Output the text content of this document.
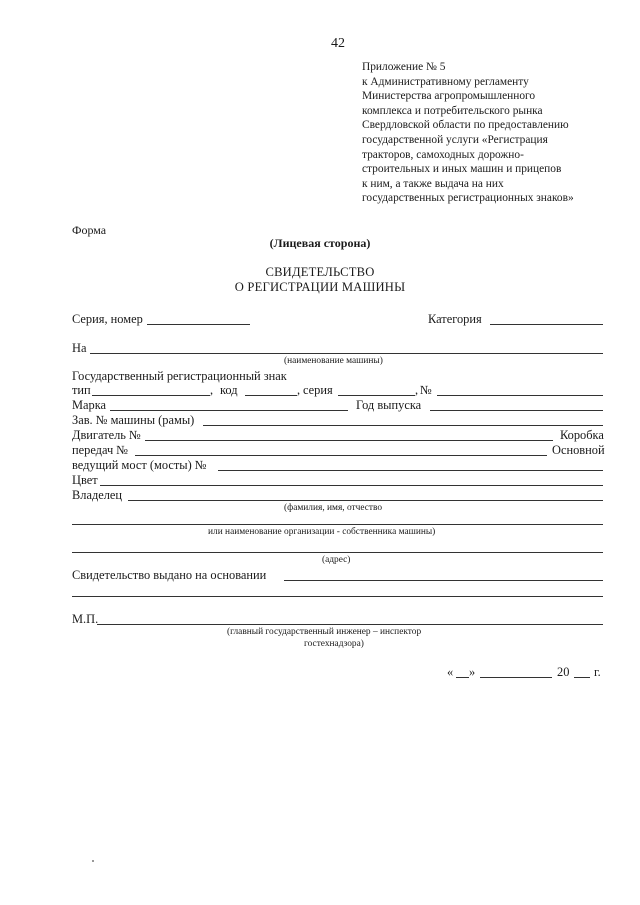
42
Приложение № 5
к Административному регламенту
Министерства агропромышленного
комплекса и потребительского рынка
Свердловской области по предоставлению
государственной услуги «Регистрация
тракторов, самоходных дорожно-
строительных и иных машин и прицепов
к ним, а также выдача на них
государственных регистрационных знаков»
Форма
(Лицевая сторона)
СВИДЕТЕЛЬСТВО
О РЕГИСТРАЦИИ МАШИНЫ
Серия, номер	Категория
На
(наименование машины)
Государственный регистрационный знак
тип	, код	, серия	, №
Марка	Год выпуска
Зав. № машины (рамы)
Двигатель №	Коробка
передач №	Основной
ведущий мост (мосты) №
Цвет
Владелец
(фамилия, имя, отчество
или наименование организации - собственника машины)
(адрес)
Свидетельство выдано на основании
М.П.
(главный государственный инженер – инспектор
гостехнадзора)
« »	20 г.
